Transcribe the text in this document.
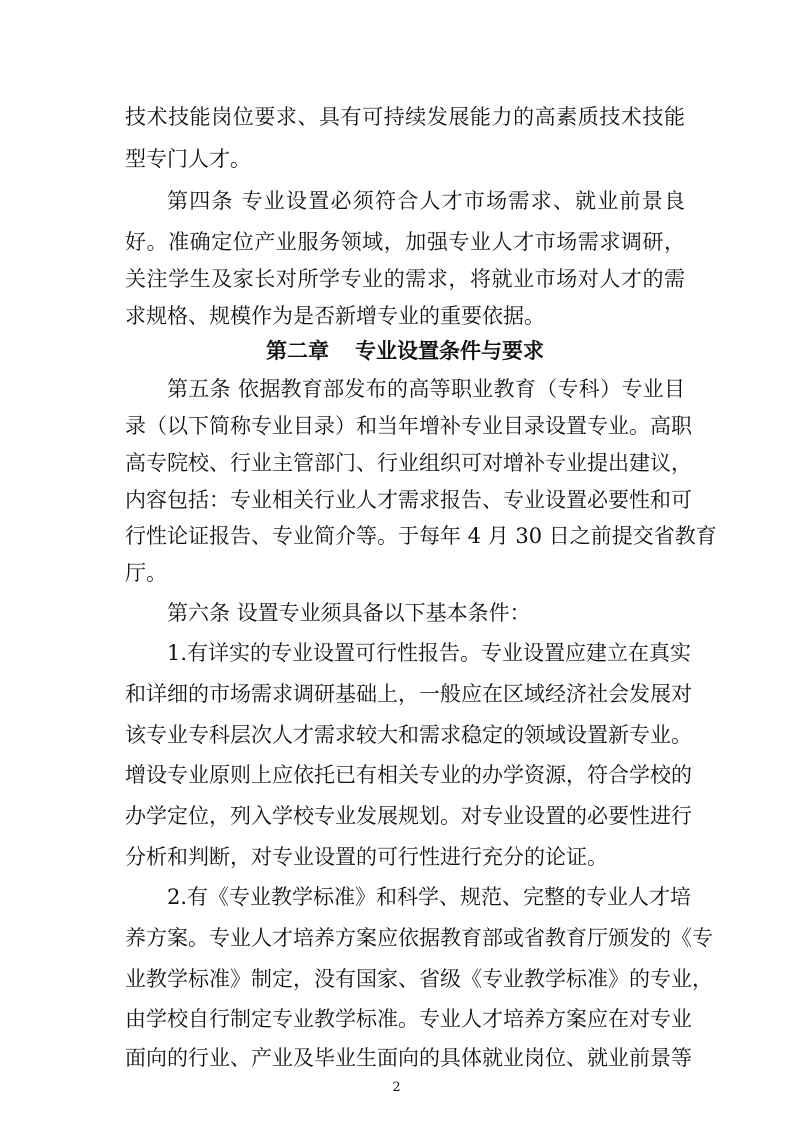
技术技能岗位要求、具有可持续发展能力的高素质技术技能
型专门人才。
第四条 专业设置必须符合人才市场需求、就业前景良
好。准确定位产业服务领域，加强专业人才市场需求调研，
关注学生及家长对所学专业的需求，将就业市场对人才的需
求规格、规模作为是否新增专业的重要依据。
第二章 专业设置条件与要求
第五条 依据教育部发布的高等职业教育（专科）专业目
录（以下简称专业目录）和当年增补专业目录设置专业。高职
高专院校、行业主管部门、行业组织可对增补专业提出建议，
内容包括：专业相关行业人才需求报告、专业设置必要性和可
行性论证报告、专业简介等。于每年 4 月 30 日之前提交省教育
厅。
第六条 设置专业须具备以下基本条件：
1.有详实的专业设置可行性报告。专业设置应建立在真实
和详细的市场需求调研基础上，一般应在区域经济社会发展对
该专业专科层次人才需求较大和需求稳定的领域设置新专业。
增设专业原则上应依托已有相关专业的办学资源，符合学校的
办学定位，列入学校专业发展规划。对专业设置的必要性进行
分析和判断，对专业设置的可行性进行充分的论证。
2.有《专业教学标准》和科学、规范、完整的专业人才培
养方案。专业人才培养方案应依据教育部或省教育厅颁发的《专
业教学标准》制定，没有国家、省级《专业教学标准》的专业，
由学校自行制定专业教学标准。专业人才培养方案应在对专业
面向的行业、产业及毕业生面向的具体就业岗位、就业前景等
2
